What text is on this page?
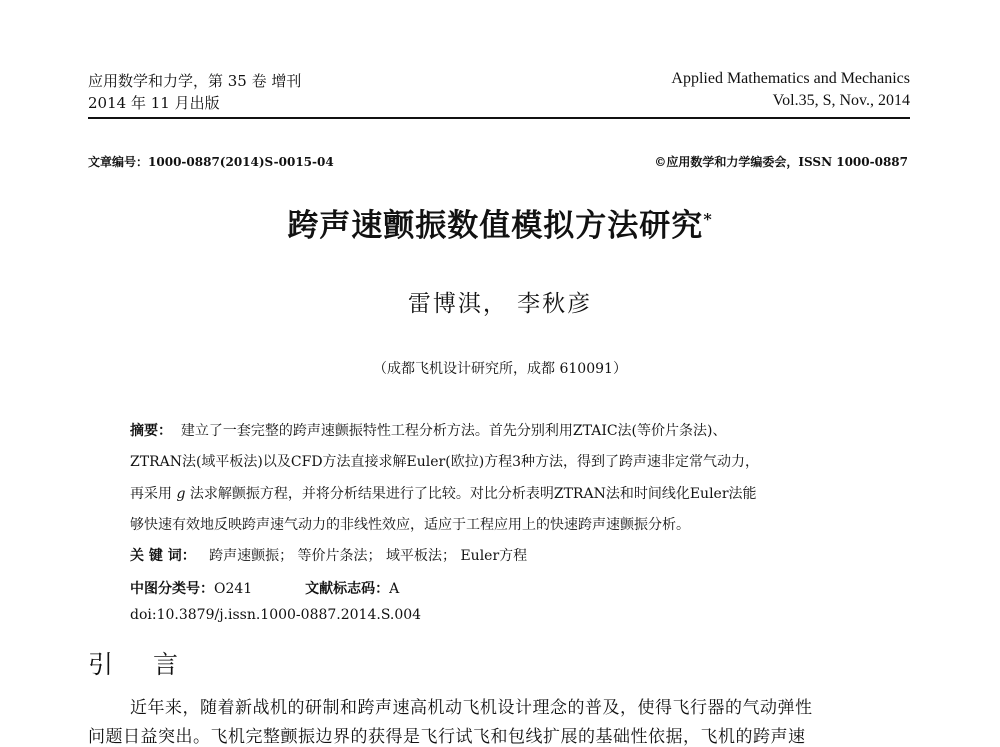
应用数学和力学，第 35 卷 增刊
2014 年 11 月出版
Applied Mathematics and Mechanics
Vol.35, S, Nov., 2014
文章编号：1000-0887(2014)S-0015-04	©应用数学和力学编委会，ISSN 1000-0887
跨声速颤振数值模拟方法研究*
雷博淇， 李秋彦
（成都飞机设计研究所，成都 610091）
摘要： 建立了一套完整的跨声速颤振特性工程分析方法。首先分别利用ZTAIC法(等价片条法)、
ZTRAN法(域平板法)以及CFD方法直接求解Euler(欧拉)方程3种方法，得到了跨声速非定常气动力，
再采用 g 法求解颤振方程，并将分析结果进行了比较。对比分析表明ZTRAN法和时间线化Euler法能
够快速有效地反映跨声速气动力的非线性效应，适应于工程应用上的快速跨声速颤振分析。
关 键 词： 跨声速颤振； 等价片条法； 域平板法； Euler方程
中图分类号：O241	文献标志码：A
doi:10.3879/j.issn.1000-0887.2014.S.004
引言
近年来，随着新战机的研制和跨声速高机动飞机设计理念的普及，使得飞行器的气动弹性
问题日益突出。飞机完整颤振边界的获得是飞行试飞和包线扩展的基础性依据，飞机的跨声速
